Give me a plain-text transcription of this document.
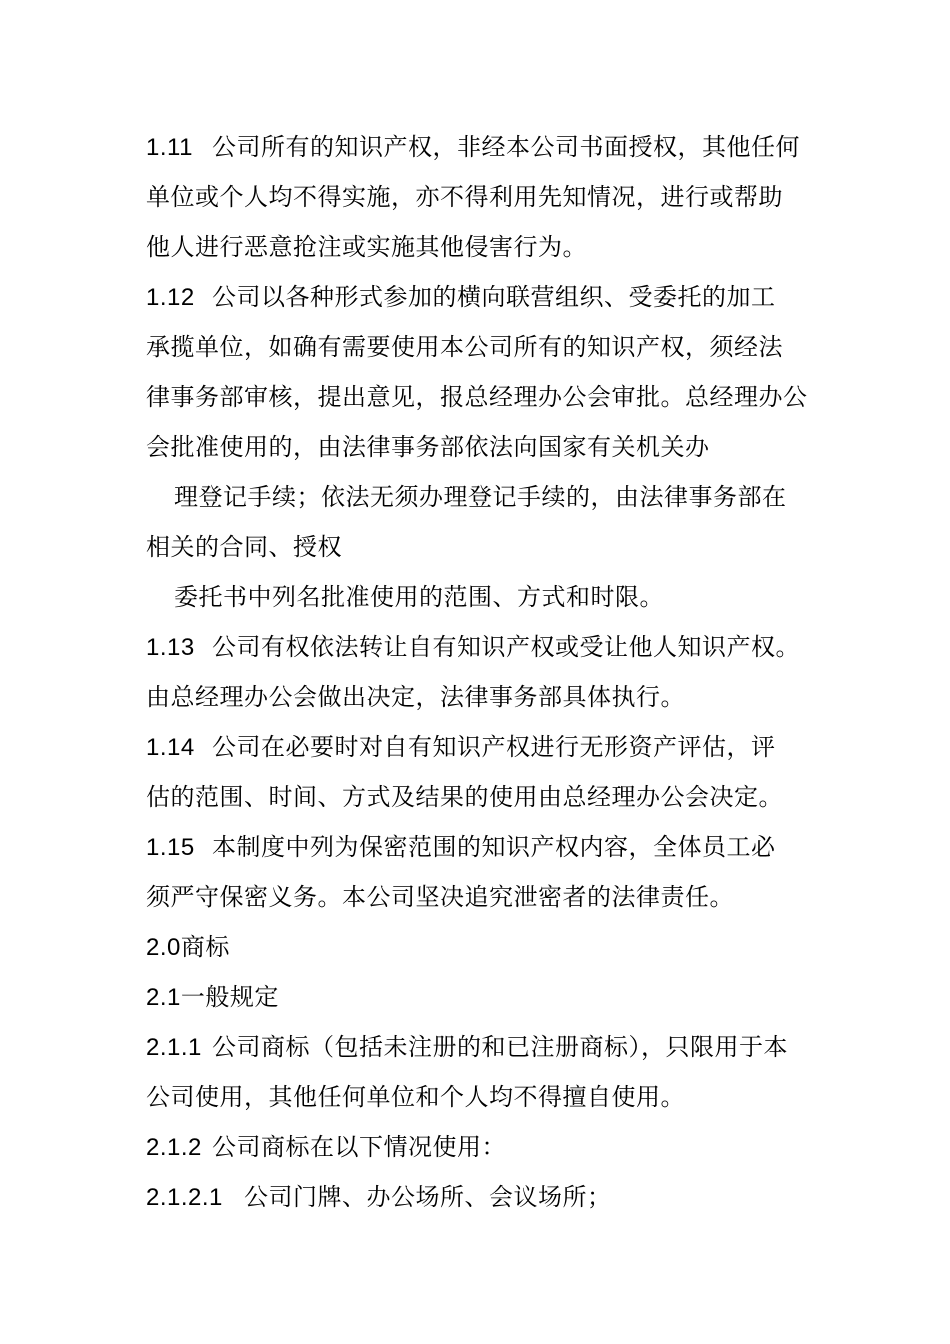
1.11 公司所有的知识产权，非经本公司书面授权，其他任何
单位或个人均不得实施，亦不得利用先知情况，进行或帮助
他人进行恶意抢注或实施其他侵害行为。
1.12 公司以各种形式参加的横向联营组织、受委托的加工
承揽单位，如确有需要使用本公司所有的知识产权，须经法
律事务部审核，提出意见，报总经理办公会审批。总经理办公
会批准使用的，由法律事务部依法向国家有关机关办
理登记手续；依法无须办理登记手续的，由法律事务部在
相关的合同、授权
委托书中列名批准使用的范围、方式和时限。
1.13 公司有权依法转让自有知识产权或受让他人知识产权。
由总经理办公会做出决定，法律事务部具体执行。
1.14 公司在必要时对自有知识产权进行无形资产评估，评
估的范围、时间、方式及结果的使用由总经理办公会决定。
1.15 本制度中列为保密范围的知识产权内容，全体员工必
须严守保密义务。本公司坚决追究泄密者的法律责任。
2.0商标
2.1一般规定
2.1.1 公司商标（包括未注册的和已注册商标），只限用于本
公司使用，其他任何单位和个人均不得擅自使用。
2.1.2 公司商标在以下情况使用：
2.1.2.1 公司门牌、办公场所、会议场所；
